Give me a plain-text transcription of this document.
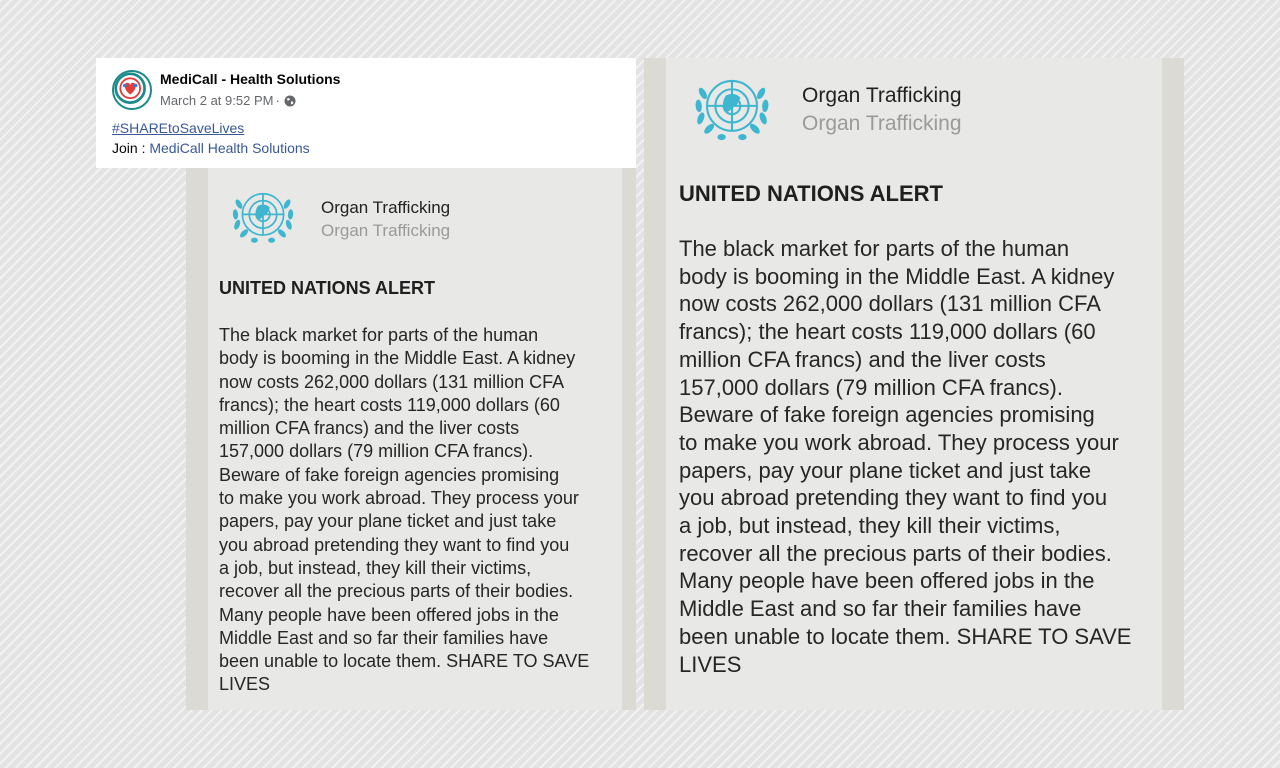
MediCall - Health Solutions
March 2 at 9:52 PM ·
#SHAREtoSaveLives
Join : MediCall Health Solutions
Organ Trafficking
Organ Trafficking
UNITED NATIONS ALERT

The black market for parts of the human
body is booming in the Middle East. A kidney
now costs 262,000 dollars (131 million CFA
francs); the heart costs 119,000 dollars (60
million CFA francs) and the liver costs
157,000 dollars (79 million CFA francs).
Beware of fake foreign agencies promising
to make you work abroad. They process your
papers, pay your plane ticket and just take
you abroad pretending they want to find you
a job, but instead, they kill their victims,
recover all the precious parts of their bodies.
Many people have been offered jobs in the
Middle East and so far their families have
been unable to locate them. SHARE TO SAVE
LIVES

Organ Trafficking
Organ Trafficking
UNITED NATIONS ALERT

The black market for parts of the human
body is booming in the Middle East. A kidney
now costs 262,000 dollars (131 million CFA
francs); the heart costs 119,000 dollars (60
million CFA francs) and the liver costs
157,000 dollars (79 million CFA francs).
Beware of fake foreign agencies promising
to make you work abroad. They process your
papers, pay your plane ticket and just take
you abroad pretending they want to find you
a job, but instead, they kill their victims,
recover all the precious parts of their bodies.
Many people have been offered jobs in the
Middle East and so far their families have
been unable to locate them. SHARE TO SAVE
LIVES
